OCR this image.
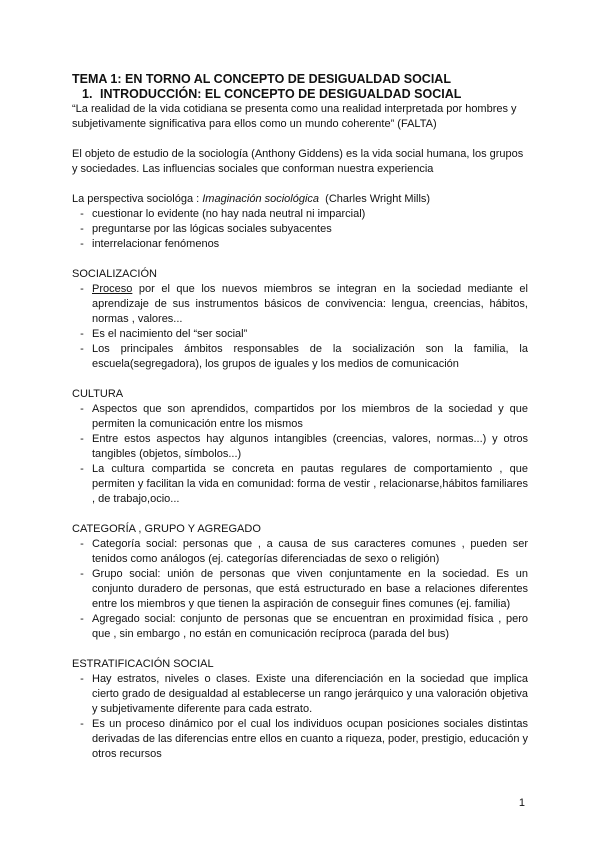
TEMA 1: EN TORNO AL CONCEPTO DE DESIGUALDAD SOCIAL
1. INTRODUCCIÓN: EL CONCEPTO DE DESIGUALDAD SOCIAL

“La realidad de la vida cotidiana se presenta como una realidad interpretada por hombres y subjetivamente significativa para ellos como un mundo coherente” (FALTA)

El objeto de estudio de la sociología (Anthony Giddens) es la vida social humana, los grupos y sociedades. Las influencias sociales que conforman nuestra experiencia

La perspectiva sociológa : Imaginación sociológica (Charles Wright Mills)

- cuestionar lo evidente (no hay nada neutral ni imparcial)
- preguntarse por las lógicas sociales subyacentes
- interrelacionar fenómenos

SOCIALIZACIÓN

- Proceso por el que los nuevos miembros se integran en la sociedad mediante el aprendizaje de sus instrumentos básicos de convivencia: lengua, creencias, hábitos, normas , valores...
- Es el nacimiento del “ser social”
- Los principales ámbitos responsables de la socialización son la familia, la escuela(segregadora), los grupos de iguales y los medios de comunicación

CULTURA

- Aspectos que son aprendidos, compartidos por los miembros de la sociedad y que permiten la comunicación entre los mismos
- Entre estos aspectos hay algunos intangibles (creencias, valores, normas...) y otros tangibles (objetos, símbolos...)
- La cultura compartida se concreta en pautas regulares de comportamiento , que permiten y facilitan la vida en comunidad: forma de vestir , relacionarse,hábitos familiares , de trabajo,ocio...

CATEGORÍA , GRUPO Y AGREGADO

- Categoría social: personas que , a causa de sus caracteres comunes , pueden ser tenidos como análogos (ej. categorías diferenciadas de sexo o religión)
- Grupo social: unión de personas que viven conjuntamente en la sociedad. Es un conjunto duradero de personas, que está estructurado en base a relaciones diferentes entre los miembros y que tienen la aspiración de conseguir fines comunes (ej. familia)
- Agregado social: conjunto de personas que se encuentran en proximidad física , pero que , sin embargo , no están en comunicación recíproca (parada del bus)

ESTRATIFICACIÓN SOCIAL

- Hay estratos, niveles o clases. Existe una diferenciación en la sociedad que implica cierto grado de desigualdad al establecerse un rango jerárquico y una valoración objetiva y subjetivamente diferente para cada estrato.
- Es un proceso dinámico por el cual los individuos ocupan posiciones sociales distintas derivadas de las diferencias entre ellos en cuanto a riqueza, poder, prestigio, educación y otros recursos
1
